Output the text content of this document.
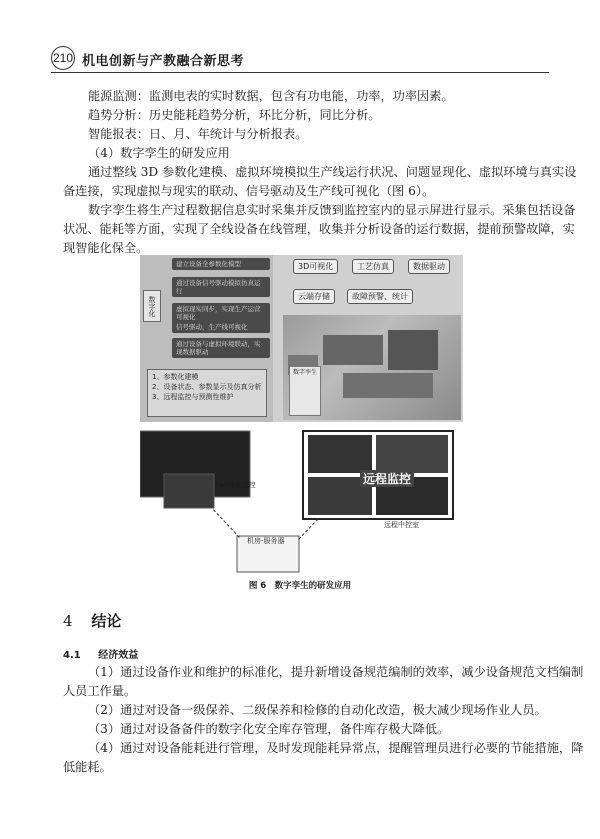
210 机电创新与产教融合新思考
能源监测：监测电表的实时数据，包含有功电能，功率，功率因素。
趋势分析：历史能耗趋势分析，环比分析，同比分析。
智能报表：日、月、年统计与分析报表。
（4）数字孪生的研发应用
通过整线 3D 参数化建模、虚拟环境模拟生产线运行状况、问题显现化、虚拟环境与真实设
备连接，实现虚拟与现实的联动、信号驱动及生产线可视化（图 6）。
数字孪生将生产过程数据信息实时采集并反馈到监控室内的显示屏进行显示。采集包括设备
状况、能耗等方面，实现了全线设备在线管理，收集并分析设备的运行数据，提前预警故障，实
现智能化保全。
数字化
建立设备全参数化模型
通过设备信号驱动模拟仿真运行
虚拟现实同步，实现生产运营可视化
信号驱动，生产线可视化
通过设备与虚拟环境联动，实现数据驱动
1、参数化建模
2、设备状态、参数显示及仿真分析
3、远程监控与预测性维护
3D可视化	工艺仿真	数据驱动
云端存储	故障预警、统计
数字孪生
Pad现场监控
机房-服务器
远程中控室
远程监控
图 6　数字孪生的研发应用
4 结论
4.1 经济效益
（1）通过设备作业和维护的标准化，提升新增设备规范编制的效率，减少设备规范文档编制
人员工作量。
（2）通过对设备一级保养、二级保养和检修的自动化改造，极大减少现场作业人员。
（3）通过对设备备件的数字化安全库存管理，备件库存极大降低。
（4）通过对设备能耗进行管理，及时发现能耗异常点，提醒管理员进行必要的节能措施，降
低能耗。
